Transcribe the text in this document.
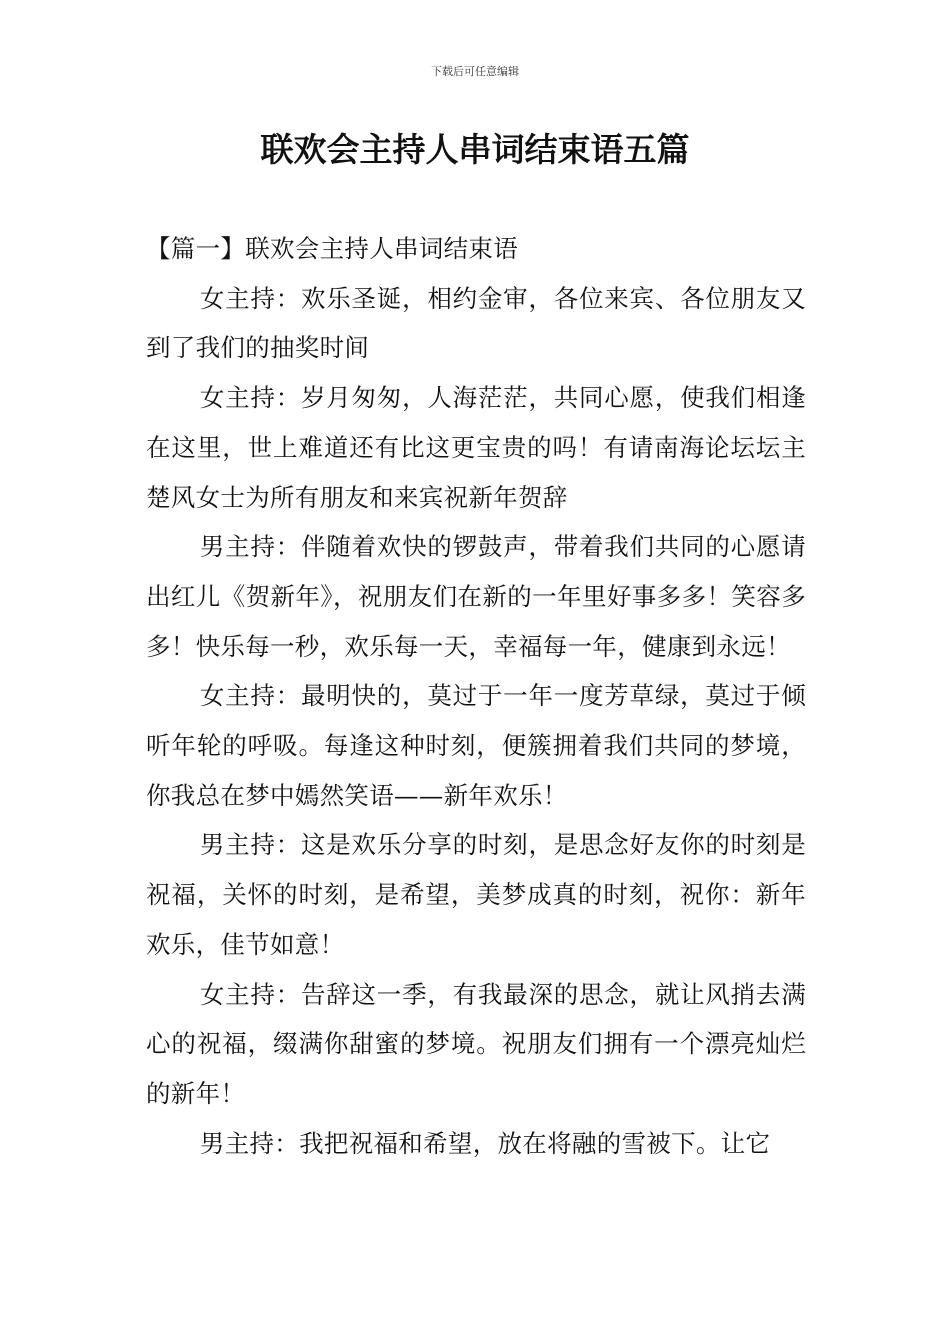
下载后可任意编辑
联欢会主持人串词结束语五篇

【篇一】联欢会主持人串词结束语

女主持：欢乐圣诞，相约金审，各位来宾、各位朋友又到了我们的抽奖时间

女主持：岁月匆匆，人海茫茫，共同心愿，使我们相逢在这里，世上难道还有比这更宝贵的吗！有请南海论坛坛主楚风女士为所有朋友和来宾祝新年贺辞

男主持：伴随着欢快的锣鼓声，带着我们共同的心愿请出红儿《贺新年》，祝朋友们在新的一年里好事多多！笑容多多！快乐每一秒，欢乐每一天，幸福每一年，健康到永远！

女主持：最明快的，莫过于一年一度芳草绿，莫过于倾听年轮的呼吸。每逢这种时刻，便簇拥着我们共同的梦境，你我总在梦中嫣然笑语——新年欢乐！

男主持：这是欢乐分享的时刻，是思念好友你的时刻是祝福，关怀的时刻，是希望，美梦成真的时刻，祝你：新年欢乐，佳节如意！

女主持：告辞这一季，有我最深的思念，就让风捎去满心的祝福，缀满你甜蜜的梦境。祝朋友们拥有一个漂亮灿烂的新年！

男主持：我把祝福和希望，放在将融的雪被下。让它
